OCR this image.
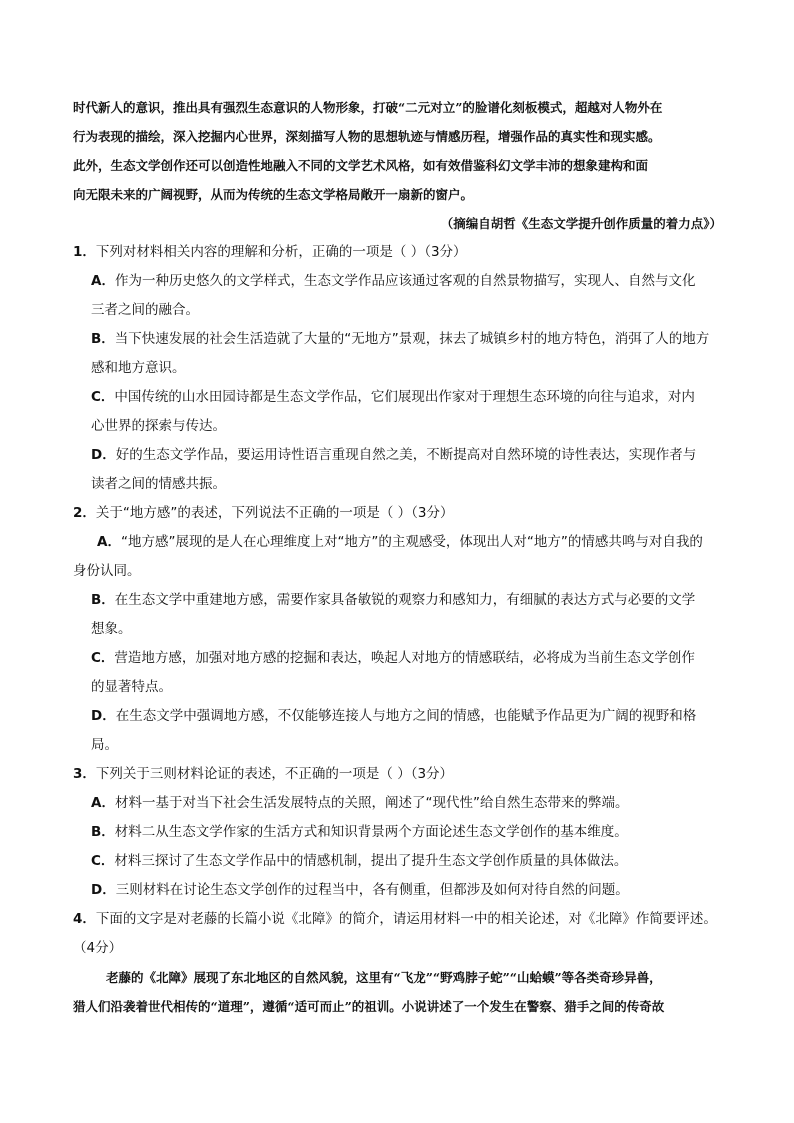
时代新人的意识，推出具有强烈生态意识的人物形象，打破“二元对立”的脸谱化刻板模式，超越对人物外在
行为表现的描绘，深入挖掘内心世界，深刻描写人物的思想轨迹与情感历程，增强作品的真实性和现实感。
此外，生态文学创作还可以创造性地融入不同的文学艺术风格，如有效借鉴科幻文学丰沛的想象建构和面
向无限未来的广阔视野，从而为传统的生态文学格局敞开一扇新的窗户。
（摘编自胡哲《生态文学提升创作质量的着力点》）
1．下列对材料相关内容的理解和分析，正确的一项是（ ）（3分）
A．作为一种历史悠久的文学样式，生态文学作品应该通过客观的自然景物描写，实现人、自然与文化
三者之间的融合。
B．当下快速发展的社会生活造就了大量的“无地方”景观，抹去了城镇乡村的地方特色，消弭了人的地方
感和地方意识。
C．中国传统的山水田园诗都是生态文学作品，它们展现出作家对于理想生态环境的向往与追求，对内
心世界的探索与传达。
D．好的生态文学作品，要运用诗性语言重现自然之美，不断提高对自然环境的诗性表达，实现作者与
读者之间的情感共振。
2．关于“地方感”的表述，下列说法不正确的一项是（ ）（3分）
A．“地方感”展现的是人在心理维度上对“地方”的主观感受，体现出人对“地方”的情感共鸣与对自我的
身份认同。
B．在生态文学中重建地方感，需要作家具备敏锐的观察力和感知力，有细腻的表达方式与必要的文学
想象。
C．营造地方感，加强对地方感的挖掘和表达，唤起人对地方的情感联结，必将成为当前生态文学创作
的显著特点。
D．在生态文学中强调地方感，不仅能够连接人与地方之间的情感，也能赋予作品更为广阔的视野和格
局。
3．下列关于三则材料论证的表述，不正确的一项是（ ）（3分）
A．材料一基于对当下社会生活发展特点的关照，阐述了“现代性”给自然生态带来的弊端。
B．材料二从生态文学作家的生活方式和知识背景两个方面论述生态文学创作的基本维度。
C．材料三探讨了生态文学作品中的情感机制，提出了提升生态文学创作质量的具体做法。
D．三则材料在讨论生态文学创作的过程当中，各有侧重，但都涉及如何对待自然的问题。
4．下面的文字是对老藤的长篇小说《北障》的简介，请运用材料一中的相关论述，对《北障》作简要评述。
（4分）
老藤的《北障》展现了东北地区的自然风貌，这里有“飞龙”“野鸡脖子蛇”“山蛤蟆”等各类奇珍异兽，
猎人们沿袭着世代相传的“道理”，遵循“适可而止”的祖训。小说讲述了一个发生在警察、猎手之间的传奇故
